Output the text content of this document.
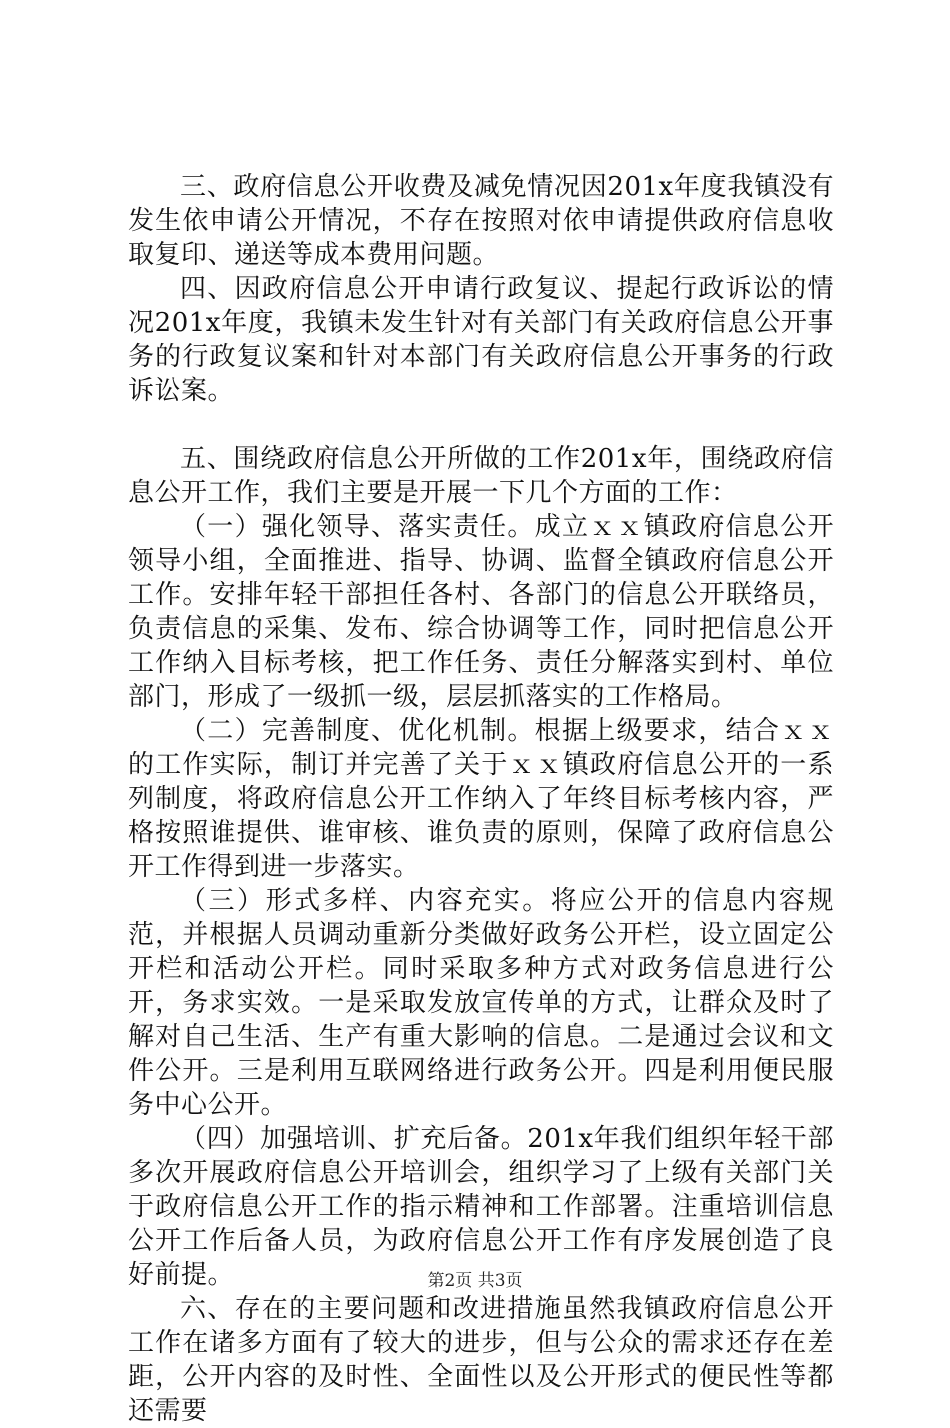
三、政府信息公开收费及减免情况因201x年度我镇没有发生依申请公开情况，不存在按照对依申请提供政府信息收取复印、递送等成本费用问题。

四、因政府信息公开申请行政复议、提起行政诉讼的情况201x年度，我镇未发生针对有关部门有关政府信息公开事务的行政复议案和针对本部门有关政府信息公开事务的行政诉讼案。

五、围绕政府信息公开所做的工作201x年，围绕政府信息公开工作，我们主要是开展一下几个方面的工作：

（一）强化领导、落实责任。成立ｘｘ镇政府信息公开领导小组，全面推进、指导、协调、监督全镇政府信息公开工作。安排年轻干部担任各村、各部门的信息公开联络员，负责信息的采集、发布、综合协调等工作，同时把信息公开工作纳入目标考核，把工作任务、责任分解落实到村、单位部门，形成了一级抓一级，层层抓落实的工作格局。

（二）完善制度、优化机制。根据上级要求，结合ｘｘ的工作实际，制订并完善了关于ｘｘ镇政府信息公开的一系列制度，将政府信息公开工作纳入了年终目标考核内容，严格按照谁提供、谁审核、谁负责的原则，保障了政府信息公开工作得到进一步落实。

（三）形式多样、内容充实。将应公开的信息内容规范，并根据人员调动重新分类做好政务公开栏，设立固定公开栏和活动公开栏。同时采取多种方式对政务信息进行公开，务求实效。一是采取发放宣传单的方式，让群众及时了解对自己生活、生产有重大影响的信息。二是通过会议和文件公开。三是利用互联网络进行政务公开。四是利用便民服务中心公开。

（四）加强培训、扩充后备。201x年我们组织年轻干部多次开展政府信息公开培训会，组织学习了上级有关部门关于政府信息公开工作的指示精神和工作部署。注重培训信息公开工作后备人员，为政府信息公开工作有序发展创造了良好前提。

六、存在的主要问题和改进措施虽然我镇政府信息公开工作在诸多方面有了较大的进步，但与公众的需求还存在差距，公开内容的及时性、全面性以及公开形式的便民性等都还需要

第2页 共3页
